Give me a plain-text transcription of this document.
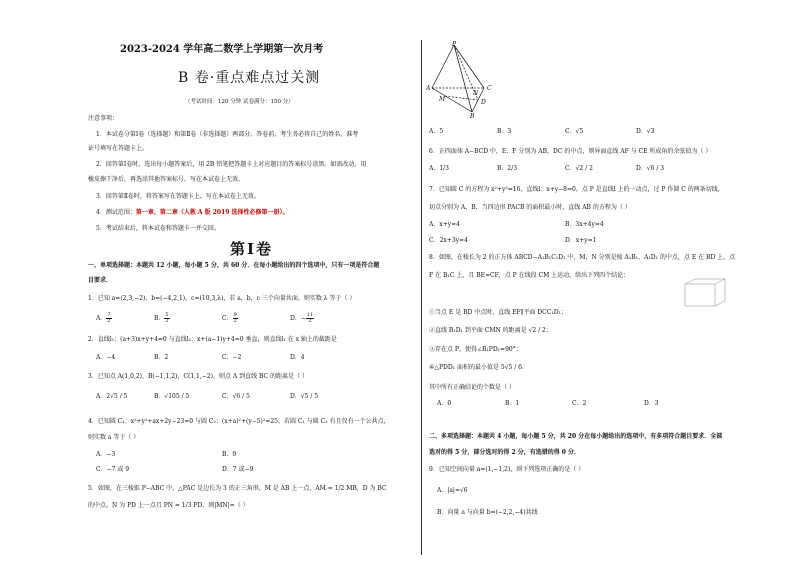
2023-2024 学年高二数学上学期第一次月考
B 卷·重点难点过关测
（考试时间：120 分钟 试卷满分：150 分）
注意事项：
1．本试卷分第Ⅰ卷（选择题）和第Ⅱ卷（非选择题）两部分。答卷前，考生务必将自己的姓名、准考
证号填写在答题卡上。
2．回答第Ⅰ卷时，选出每小题答案后，用 2B 铅笔把答题卡上对应题目的答案标号涂黑。如需改动，用
橡皮擦干净后，再选涂其他答案标号。写在本试卷上无效。
3．回答第Ⅱ卷时，将答案写在答题卡上。写在本试卷上无效。
4．测试范围：第一章，第二章（人教 A 版 2019 选择性必修第一册）。
5．考试结束后，将本试卷和答题卡一并交回。
第Ⅰ卷
一、单项选择题：本题共 12 小题，每小题 5 分，共 60 分．在每小题给出的四个选项中，只有一项是符合题
目要求．
1．已知 a=(2,3,−2)，b=(−4,2,1)，c=(10,3,λ)，若 a，b，c 三个向量共面，则实数 λ 等于（ ）
A． $\frac{7}{2}$	B． $\frac{5}{2}$	C． $\frac{9}{2}$	D．− $\frac{11}{2}$
2．直线l₁：(a+3)x+y+4=0 与直线l₂：x+(a−1)y+4=0 垂直，则直线l₁ 在 x 轴上的截距是
A．−4	B．2	C．−2	D．4
3．已知点 A(1,0,2)，B(−1,1,2)，C(1,1,−2)，则点 A 到直线 BC 的距离是（ ）
A．2√5 / 5	B．√105 / 5	C．√6 / 5	D．√5 / 5
4．已知圆 C₁：x²+y²+ax+2y−23=0 与圆 C₂：(x+a)²+(y−5)²=25，若圆 C₁ 与圆 C₂ 有且仅有一个公共点，
则实数 a 等于（ ）
A．−3	B．9
C．−7 或 9	D．7 或−9
5．如图，在三棱锥 P−ABC 中，△PAC 是边长为 3 的正三角形，M 是 AB 上一点，AM = 1/2 MB，D 为 BC
的中点，N 为 PD 上一点且 PN = 1/3 PD，则|MN|=（ ）
P
A
B
C
M
N
D
A．5	B．3	C．√5	D．√3
6．正四面体 A−BCD 中，E，F 分别为 AB，DC 的中点，则异面直线 AF 与 CE 所成角的余弦值为（ ）
A．1/3	B．2/3	C．√2 / 2	D．√6 / 3
7．已知圆 C 的方程为 x²+y²=16，直线l：x+y−8=0，点 P 是直线l 上的一动点，过 P 作圆 C 的两条切线，
切点分别为 A，B，当四边形 PACB 的面积最小时，直线 AB 的方程为（ ）
A．x+y=4	B．3x+4y=4
C．2x+3y=4	D．x+y=1
8．如图，在棱长为 2 的正方体 ABCD−A₁B₁C₁D₁ 中，M，N 分别是棱 A₁B₁，A₁D₁ 的中点，点 E 在 BD 上，点
F 在 B₁C 上，且 BE=CF，点 P 在线段 CM 上运动，给出下列四个结论：
①当点 E 是 BD 中点时，直线 EF∥平面 DCC₁D₁；
②直线 B₁D₁ 到平面 CMN 的距离是 √2 / 2；
③存在点 P，使得∠B₁PD₁=90°；
④△PDD₁ 面积的最小值是 5√5 / 6．
其中所有正确结论的个数是（ ）
A．0	B．1	C．2	D．3
二、多项选择题：本题共 4 小题，每小题 5 分，共 20 分在每小题给出的选项中，有多项符合题目要求．全部
选对的得 5 分，部分选对的得 2 分，有选错的得 0 分．
9．已知空间向量 a=(1,−1,2)，则下列选项正确的是（ ）
A．|a|=√6
B．向量 a 与向量 b=(−2,2,−4)共线
